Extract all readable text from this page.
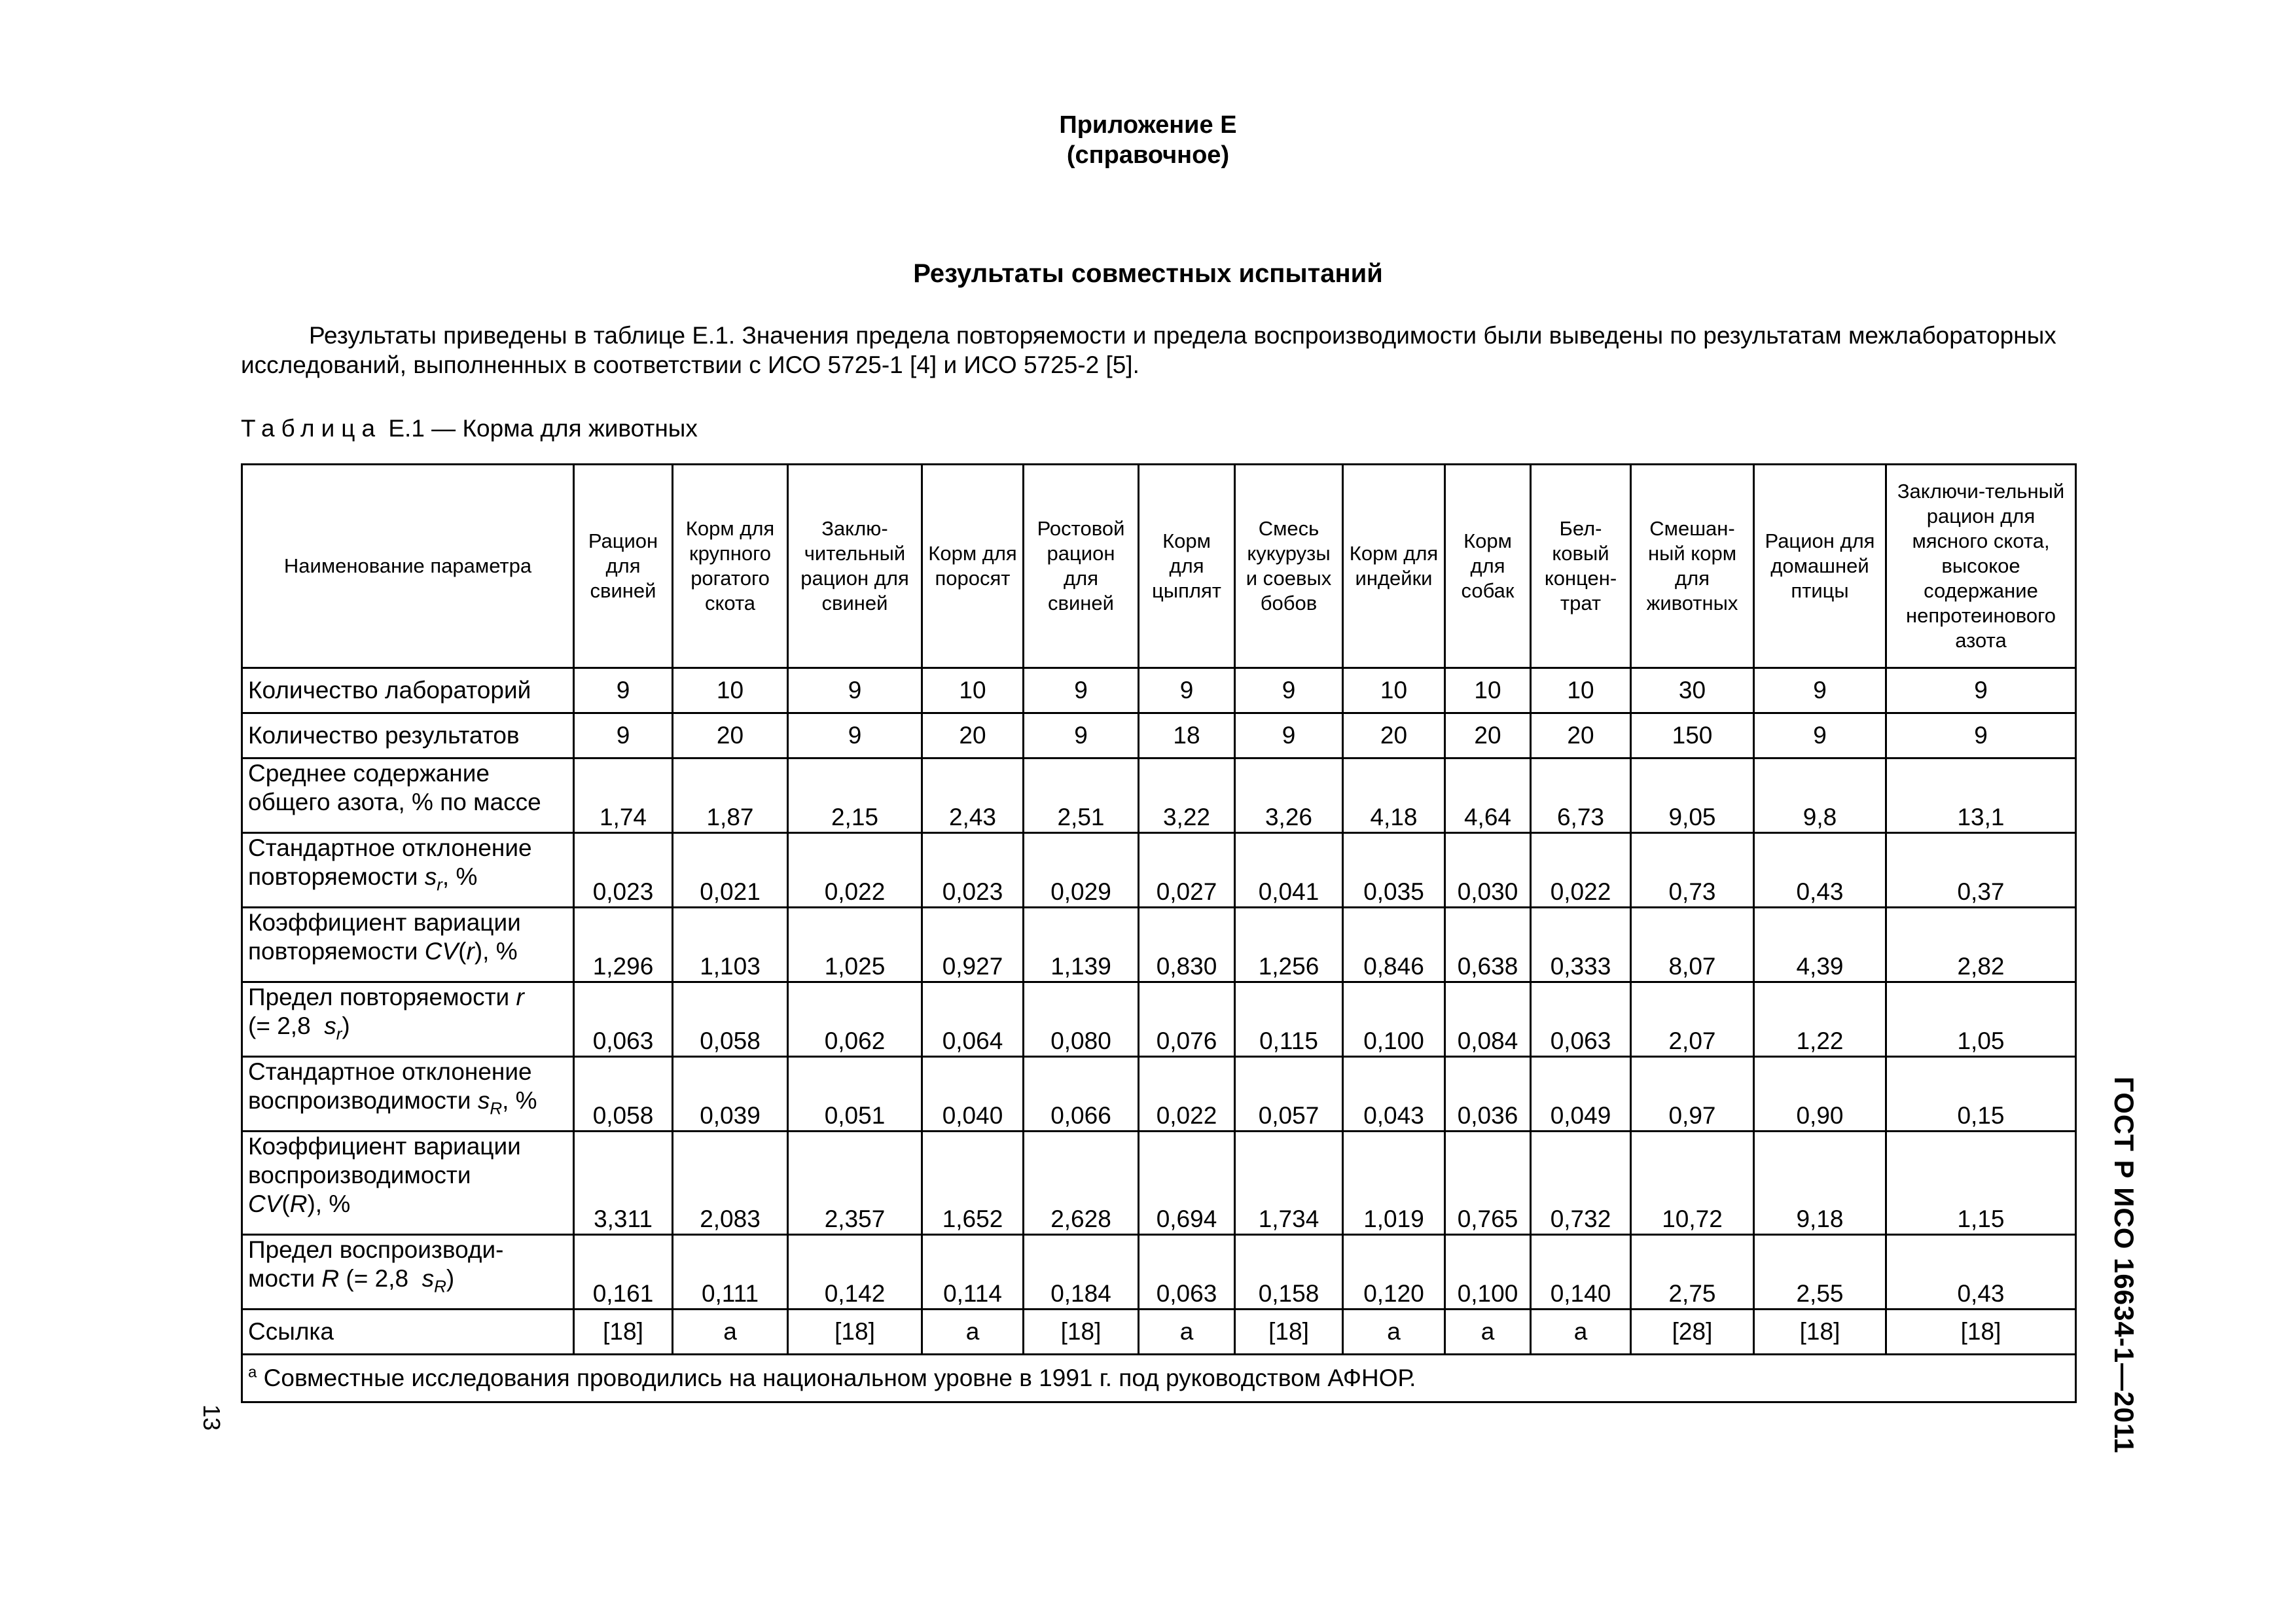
Приложение Е
(справочное)
Результаты совместных испытаний

Результаты приведены в таблице Е.1. Значения предела повторяемости и предела воспроизводимости были выведены по результатам межлабораторных исследований, выполненных в соответствии с ИСО 5725-1 [4] и ИСО 5725-2 [5].

Таблица Е.1 — Корма для животных
Наименование параметра	Рацион для свиней	Корм для крупного рогатого скота	Заклю-чительный рацион для свиней	Корм для поросят	Ростовой рацион для свиней	Корм для цыплят	Смесь кукурузы и соевых бобов	Корм для индейки	Корм для собак	Бел-ковый концен-трат	Смешан-ный корм для животных	Рацион для домашней птицы	Заключи-тельный рацион для мясного скота, высокое содержание непротеинового азота
Количество лабораторий	9	10	9	10	9	9	9	10	10	10	30	9	9
Количество результатов	9	20	9	20	9	18	9	20	20	20	150	9	9
Среднее содержание
общего азота, % по массе	1,74	1,87	2,15	2,43	2,51	3,22	3,26	4,18	4,64	6,73	9,05	9,8	13,1
Стандартное отклонение
повторяемости $s_r$, %	0,023	0,021	0,022	0,023	0,029	0,027	0,041	0,035	0,030	0,022	0,73	0,43	0,37
Коэффициент вариации
повторяемости CV(r), %	1,296	1,103	1,025	0,927	1,139	0,830	1,256	0,846	0,638	0,333	8,07	4,39	2,82
Предел повторяемости r
(= 2,8  $s_r$)	0,063	0,058	0,062	0,064	0,080	0,076	0,115	0,100	0,084	0,063	2,07	1,22	1,05
Стандартное отклонение
воспроизводимости $s_R$, %	0,058	0,039	0,051	0,040	0,066	0,022	0,057	0,043	0,036	0,049	0,97	0,90	0,15
Коэффициент вариации
воспроизводимости
CV(R), %	3,311	2,083	2,357	1,652	2,628	0,694	1,734	1,019	0,765	0,732	10,72	9,18	1,15
Предел воспроизводи-
мости R (= 2,8  $s_R$)	0,161	0,111	0,142	0,114	0,184	0,063	0,158	0,120	0,100	0,140	2,75	2,55	0,43
Ссылка	[18]	a	[18]	a	[18]	a	[18]	a	a	a	[28]	[18]	[18]
$^a$ Совместные исследования проводились на национальном уровне в 1991 г. под руководством АФНОР.														ГОСТ Р ИСО 16634-1—2011
13
